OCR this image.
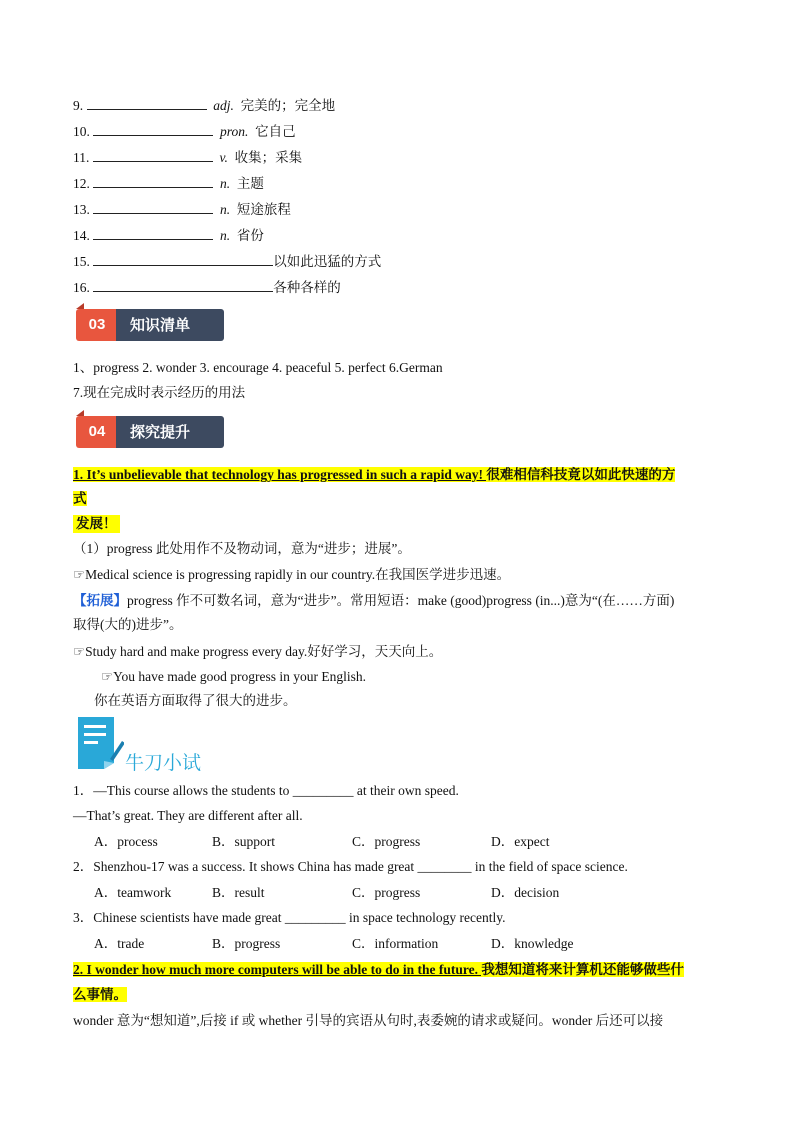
9.	adj. 完美的；完全地
10.	pron. 它自己
11.	v. 收集；采集
12.	n. 主题
13.	n. 短途旅程
14.	n. 省份
15.	以如此迅猛的方式
16.	各种各样的
03	知识清单
1、progress 2. wonder 3. encourage 4. peaceful 5. perfect 6.German
7.现在完成时表示经历的用法
04	探究提升
1. It’s unbelievable that technology has progressed in such a rapid way! 很难相信科技竟以如此快速的方
式
发展！
（1）progress 此处用作不及物动词，意为“进步；进展”。
☞Medical science is progressing rapidly in our country.在我国医学进步迅速。
【拓展】progress 作不可数名词，意为“进步”。常用短语：make (good)progress (in...)意为“(在……方面)
取得(大的)进步”。
☞Study hard and make progress every day.好好学习，天天向上。
☞You have made good progress in your English.
你在英语方面取得了很大的进步。
牛刀小试
1．—This course allows the students to _________ at their own speed.
—That’s great. They are different after all.
A．process	B．support	C．progress	D．expect
2．Shenzhou-17 was a success. It shows China has made great ________ in the field of space science.
A．teamwork	B．result	C．progress	D．decision
3．Chinese scientists have made great _________ in space technology recently.
A．trade	B．progress	C．information	D．knowledge
2. I wonder how much more computers will be able to do in the future. 我想知道将来计算机还能够做些什
么事情。
wonder 意为“想知道”,后接 if 或 whether 引导的宾语从句时,表委婉的请求或疑问。wonder 后还可以接
